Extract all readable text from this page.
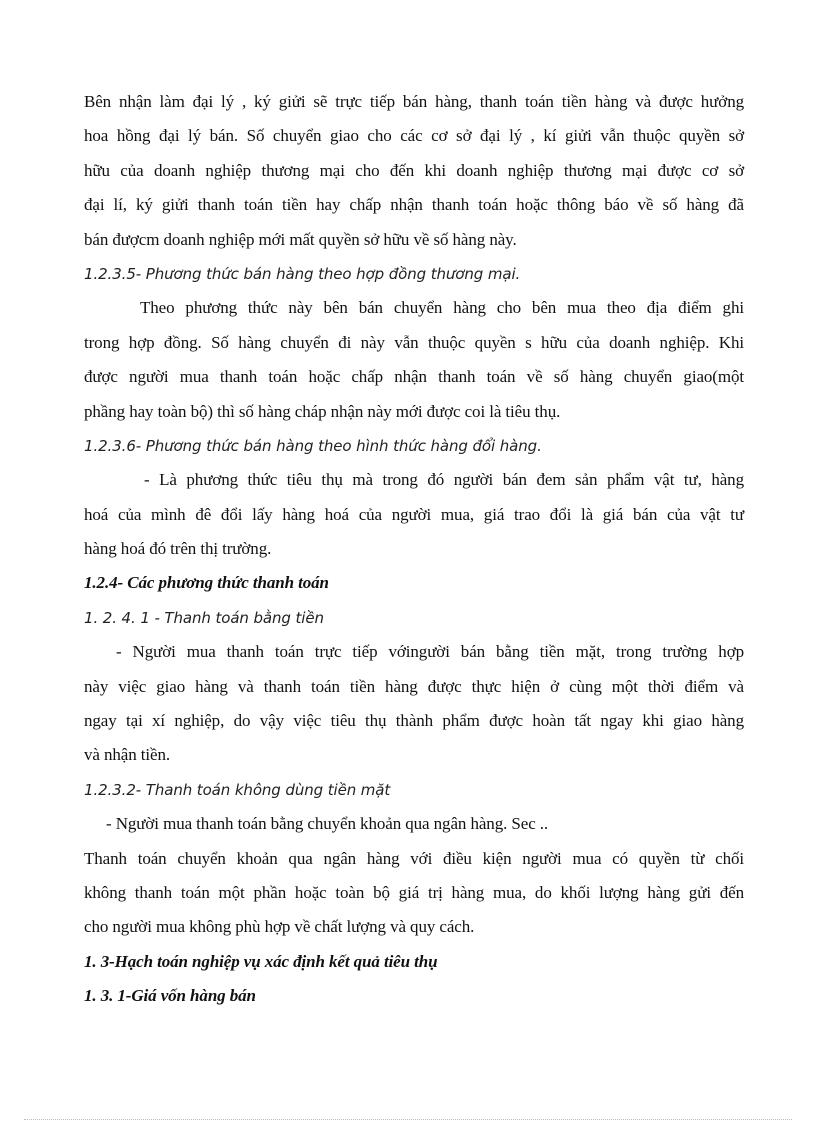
Bên nhận làm đại lý , ký giửi sẽ trực tiếp bán hàng, thanh toán tiền hàng và được hưởng
hoa hồng đại lý bán. Số chuyển giao cho các cơ sở đại lý , kí giửi vẫn thuộc quyền sở
hữu của doanh nghiệp thương mại cho đến khi doanh nghiệp thương mại được cơ sở
đại lí, ký giửi thanh toán tiền hay chấp nhận thanh toán hoặc thông báo về số hàng đã
bán đượcm doanh nghiệp mới mất quyền sở hữu về số hàng này.
1.2.3.5- Phương thức bán hàng theo hợp đồng thương mại.
Theo phương thức này bên bán chuyển hàng cho bên mua theo địa điểm ghi
trong hợp đồng. Số hàng chuyển đi này vẫn thuộc quyền s hữu của doanh nghiệp. Khi
được người mua thanh toán hoặc chấp nhận thanh toán về số hàng chuyển giao(một
phầng hay toàn bộ) thì số hàng cháp nhận này mới được coi là tiêu thụ.
1.2.3.6- Phương thức bán hàng theo hình thức hàng đổi hàng.
- Là phương thức tiêu thụ mà trong đó người bán đem sản phẩm vật tư, hàng
hoá của mình đê đổi lấy hàng hoá của người mua, giá trao đổi là giá bán của vật tư
hàng hoá đó trên thị trường.
1.2.4- Các phương thức thanh toán
1. 2. 4. 1 - Thanh toán bằng tiền
- Người mua thanh toán trực tiếp vớingười bán bằng tiền mặt, trong trường hợp
này việc giao hàng và thanh toán tiền hàng được thực hiện ở cùng một thời điểm và
ngay tại xí nghiệp, do vậy việc tiêu thụ thành phẩm được hoàn tất ngay khi giao hàng
và nhận tiền.
1.2.3.2- Thanh toán không dùng tiền mặt
- Người mua thanh toán bằng chuyển khoản qua ngân hàng. Sec ..
Thanh toán chuyển khoản qua ngân hàng với điều kiện người mua có quyền từ chối
không thanh toán một phần hoặc toàn bộ giá trị hàng mua, do khối lượng hàng gửi đến
cho người mua không phù hợp về chất lượng và quy cách.
1. 3-Hạch toán nghiệp vụ xác định kết quả tiêu thụ
1. 3. 1-Giá vốn hàng bán
